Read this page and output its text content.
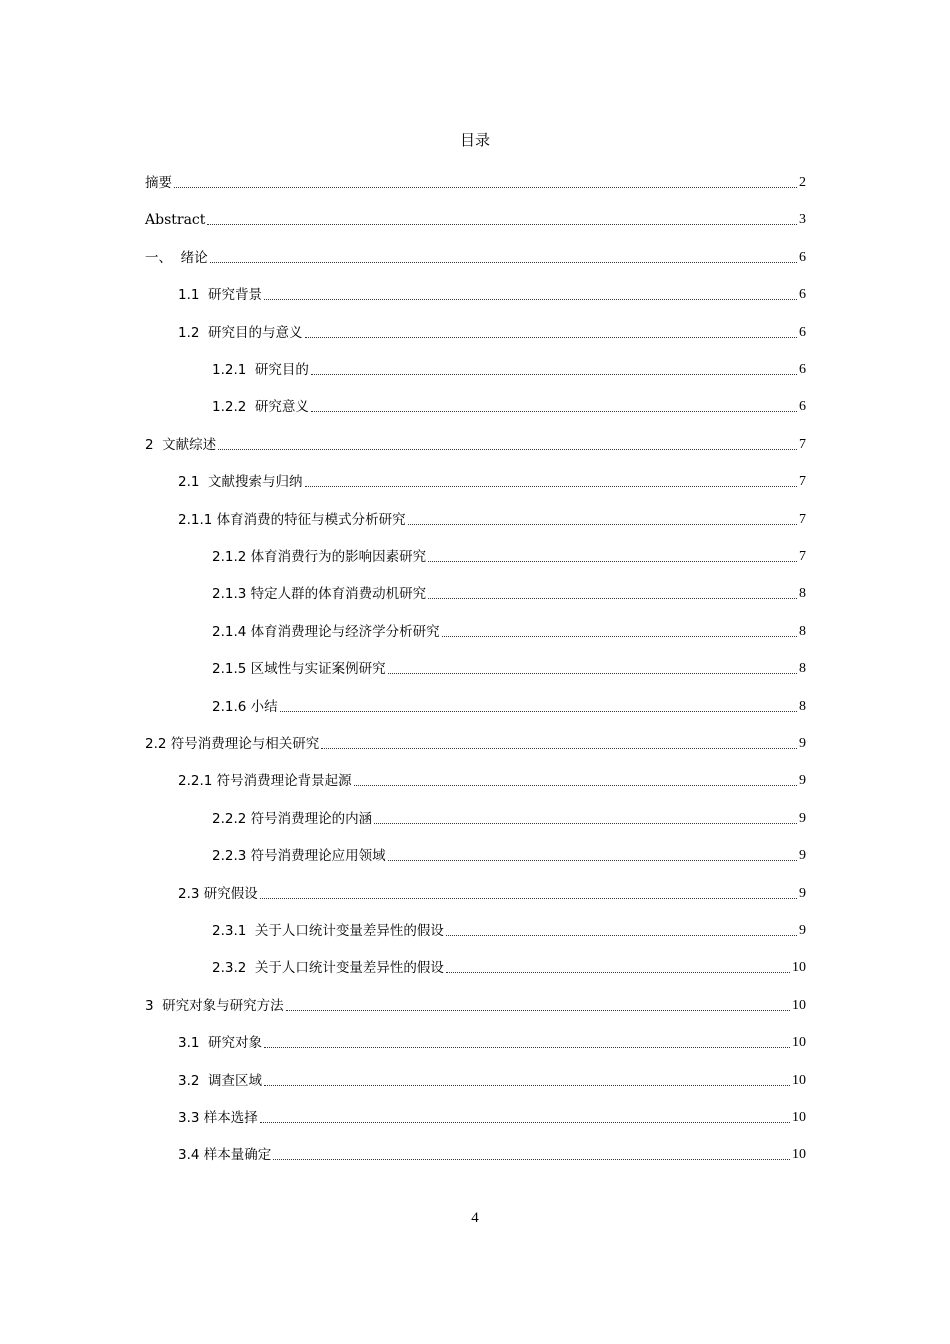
目录
摘要	2
Abstract	3
一、  绪论	6
1.1  研究背景	6
1.2  研究目的与意义	6
1.2.1  研究目的	6
1.2.2  研究意义	6
2  文献综述	7
2.1  文献搜索与归纳	7
2.1.1 体育消费的特征与模式分析研究	7
2.1.2 体育消费行为的影响因素研究	7
2.1.3 特定人群的体育消费动机研究	8
2.1.4 体育消费理论与经济学分析研究	8
2.1.5 区域性与实证案例研究	8
2.1.6 小结	8
2.2 符号消费理论与相关研究	9
2.2.1 符号消费理论背景起源	9
2.2.2 符号消费理论的内涵	9
2.2.3 符号消费理论应用领域	9
2.3 研究假设	9
2.3.1  关于人口统计变量差异性的假设	9
2.3.2  关于人口统计变量差异性的假设	10
3  研究对象与研究方法	10
3.1  研究对象	10
3.2  调查区域	10
3.3 样本选择	10
3.4 样本量确定	10
4
